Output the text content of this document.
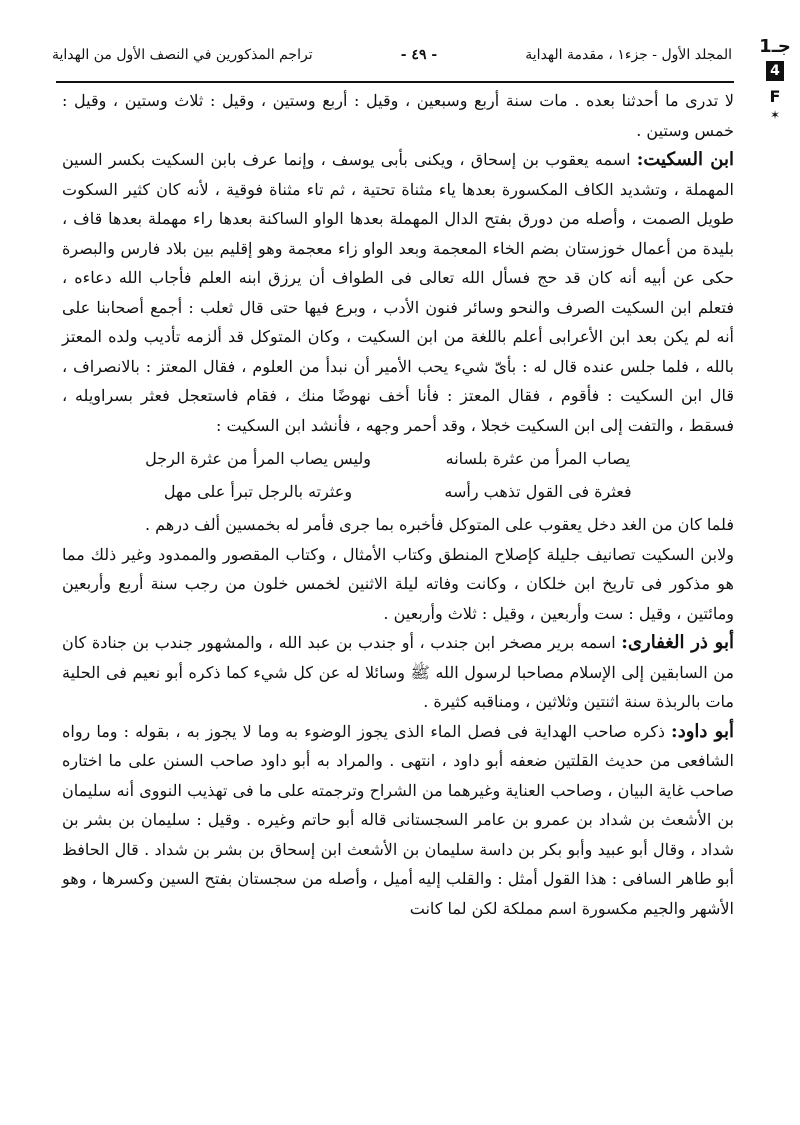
المجلد الأول - جزء١ ، مقدمة الهداية
- ٤٩ -
تراجم المذكورين في النصف الأول من الهداية	جـ1
4
F
✶

لا تدرى ما أحدثنا بعده . مات سنة أربع وسبعين ، وقيل : أربع وستين ، وقيل : ثلاث وستين ، وقيل : خمس وستين .

ابن السكيت: اسمه يعقوب بن إسحاق ، ويكنى بأبى يوسف ، وإنما عرف بابن السكيت بكسر السين المهملة ، وتشديد الكاف المكسورة بعدها ياء مثناة تحتية ، ثم تاء مثناة فوقية ، لأنه كان كثير السكوت طويل الصمت ، وأصله من دورق بفتح الدال المهملة بعدها الواو الساكنة بعدها راء مهملة بعدها قاف ، بليدة من أعمال خوزستان بضم الخاء المعجمة وبعد الواو زاء معجمة وهو إقليم بين بلاد فارس والبصرة حكى عن أبيه أنه كان قد حج فسأل الله تعالى فى الطواف أن يرزق ابنه العلم فأجاب الله دعاءه ، فتعلم ابن السكيت الصرف والنحو وسائر فنون الأدب ، وبرع فيها حتى قال ثعلب : أجمع أصحابنا على أنه لم يكن بعد ابن الأعرابى أعلم باللغة من ابن السكيت ، وكان المتوكل قد ألزمه تأديب ولده المعتز بالله ، فلما جلس عنده قال له : بأىّ شيء يحب الأمير أن نبدأ من العلوم ، فقال المعتز : بالانصراف ، قال ابن السكيت : فأقوم ، فقال المعتز : فأنا أخف نهوضًا منك ، فقام فاستعجل فعثر بسراويله ، فسقط ، والتفت إلى ابن السكيت خجلا ، وقد أحمر وجهه ، فأنشد ابن السكيت :

يصاب المرأ من عثرة بلسانه
وليس يصاب المرأ من عثرة الرجل
فعثرة فى القول تذهب رأسه
وعثرته بالرجل تبرأ على مهل

فلما كان من الغد دخل يعقوب على المتوكل فأخبره بما جرى فأمر له بخمسين ألف درهم .

ولابن السكيت تصانيف جليلة كإصلاح المنطق وكتاب الأمثال ، وكتاب المقصور والممدود وغير ذلك مما هو مذكور فى تاريخ ابن خلكان ، وكانت وفاته ليلة الاثنين لخمس خلون من رجب سنة أربع وأربعين ومائتين ، وقيل : ست وأربعين ، وقيل : ثلاث وأربعين .

أبو ذر الغفارى: اسمه برير مصخر ابن جندب ، أو جندب بن عبد الله ، والمشهور جندب بن جنادة كان من السابقين إلى الإسلام مصاحبا لرسول الله ﷺ وسائلا له عن كل شيء كما ذكره أبو نعيم فى الحلية مات بالربذة سنة اثنتين وثلاثين ، ومناقبه كثيرة .

أبو داود: ذكره صاحب الهداية فى فصل الماء الذى يجوز الوضوء به وما لا يجوز به ، بقوله : وما رواه الشافعى من حديث القلتين ضعفه أبو داود ، انتهى . والمراد به أبو داود صاحب السنن على ما اختاره صاحب غاية البيان ، وصاحب العناية وغيرهما من الشراح وترجمته على ما فى تهذيب النووى أنه سليمان بن الأشعث بن شداد بن عمرو بن عامر السجستانى قاله أبو حاتم وغيره . وقيل : سليمان بن بشر بن شداد ، وقال أبو عبيد وأبو بكر بن داسة سليمان بن الأشعث ابن إسحاق بن بشر بن شداد . قال الحافظ أبو طاهر السافى : هذا القول أمثل : والقلب إليه أميل ، وأصله من سجستان بفتح السين وكسرها ، وهو الأشهر والجيم مكسورة اسم مملكة لكن لما كانت
